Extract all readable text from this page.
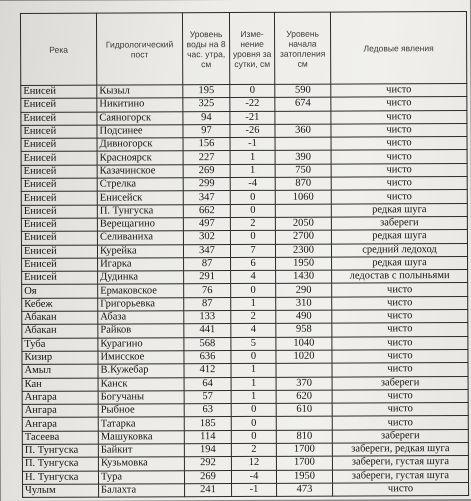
Река	Гидрологический пост	Уровень воды на 8 час. утра, см	Изме-нение уровня за сутки, см	Уровень начала затопления см	Ледовые явления
Енисей	Кызыл	195	0	590	чисто
Енисей	Никитино	325	-22	674	чисто
Енисей	Саяногорск	94	-21		чисто
Енисей	Подсинее	97	-26	360	чисто
Енисей	Дивногорск	156	-1		чисто
Енисей	Красноярск	227	1	390	чисто
Енисей	Казачинское	269	1	750	чисто
Енисей	Стрелка	299	-4	870	чисто
Енисей	Енисейск	347	0	1060	чисто
Енисей	П. Тунгуска	662	0		редкая шуга
Енисей	Верещагино	497	2	2050	забереги
Енисей	Селиваниха	302	0	2700	редкая шуга
Енисей	Курейка	347	7	2300	средний ледоход
Енисей	Игарка	87	6	1950	редкая шуга
Енисей	Дудинка	291	4	1430	ледостав с полыньями
Оя	Ермаковское	76	0	290	чисто
Кебеж	Григорьевка	87	1	310	чисто
Абакан	Абаза	133	2	490	чисто
Абакан	Райков	441	4	958	чисто
Туба	Курагино	568	5	1040	чисто
Кизир	Имисское	636	0	1020	чисто
Амыл	В.Кужебар	412	1		чисто
Кан	Канск	64	1	370	забереги
Ангара	Богучаны	57	1	620	чисто
Ангара	Рыбное	63	0	610	чисто
Ангара	Татарка	185	0		чисто
Тасеева	Машуковка	114	0	810	забереги
П. Тунгуска	Байкит	194	2	1700	забереги, редкая шуга
П. Тунгуска	Кузьмовка	292	12	1700	забереги, густая шуга
Н. Тунгуска	Тура	269	-4	1950	забереги, густая шуга
Чулым	Балахта	241	-1	473	чисто
